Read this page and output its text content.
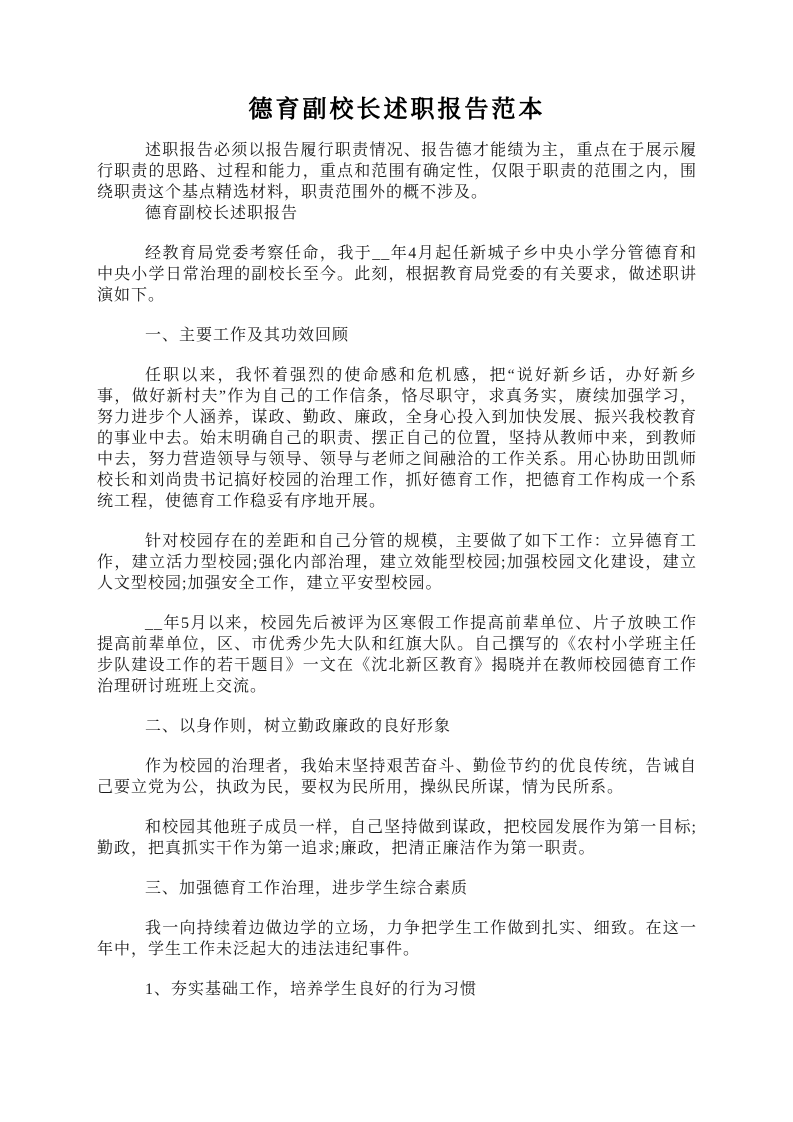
德育副校长述职报告范本

述职报告必须以报告履行职责情况、报告德才能绩为主，重点在于展示履行职责的思路、过程和能力，重点和范围有确定性，仅限于职责的范围之内，围绕职责这个基点精选材料，职责范围外的概不涉及。

德育副校长述职报告

经教育局党委考察任命，我于__年4月起任新城子乡中央小学分管德育和中央小学日常治理的副校长至今。此刻，根据教育局党委的有关要求，做述职讲演如下。

一、主要工作及其功效回顾

任职以来，我怀着强烈的使命感和危机感，把“说好新乡话，办好新乡事，做好新村夫”作为自己的工作信条，恪尽职守，求真务实，赓续加强学习，努力进步个人涵养，谋政、勤政、廉政，全身心投入到加快发展、振兴我校教育的事业中去。始末明确自己的职责、摆正自己的位置，坚持从教师中来，到教师中去，努力营造领导与领导、领导与老师之间融洽的工作关系。用心协助田凯师校长和刘尚贵书记搞好校园的治理工作，抓好德育工作，把德育工作构成一个系统工程，使德育工作稳妥有序地开展。

针对校园存在的差距和自己分管的规模，主要做了如下工作：立异德育工作，建立活力型校园;强化内部治理，建立效能型校园;加强校园文化建设，建立人文型校园;加强安全工作，建立平安型校园。

__年5月以来，校园先后被评为区寒假工作提高前辈单位、片子放映工作提高前辈单位，区、市优秀少先大队和红旗大队。自己撰写的《农村小学班主任步队建设工作的若干题目》一文在《沈北新区教育》揭晓并在教师校园德育工作治理研讨班班上交流。

二、以身作则，树立勤政廉政的良好形象

作为校园的治理者，我始末坚持艰苦奋斗、勤俭节约的优良传统，告诫自己要立党为公，执政为民，要权为民所用，操纵民所谋，情为民所系。

和校园其他班子成员一样，自己坚持做到谋政，把校园发展作为第一目标;勤政，把真抓实干作为第一追求;廉政，把清正廉洁作为第一职责。

三、加强德育工作治理，进步学生综合素质

我一向持续着边做边学的立场，力争把学生工作做到扎实、细致。在这一年中，学生工作未泛起大的违法违纪事件。

1、夯实基础工作，培养学生良好的行为习惯
